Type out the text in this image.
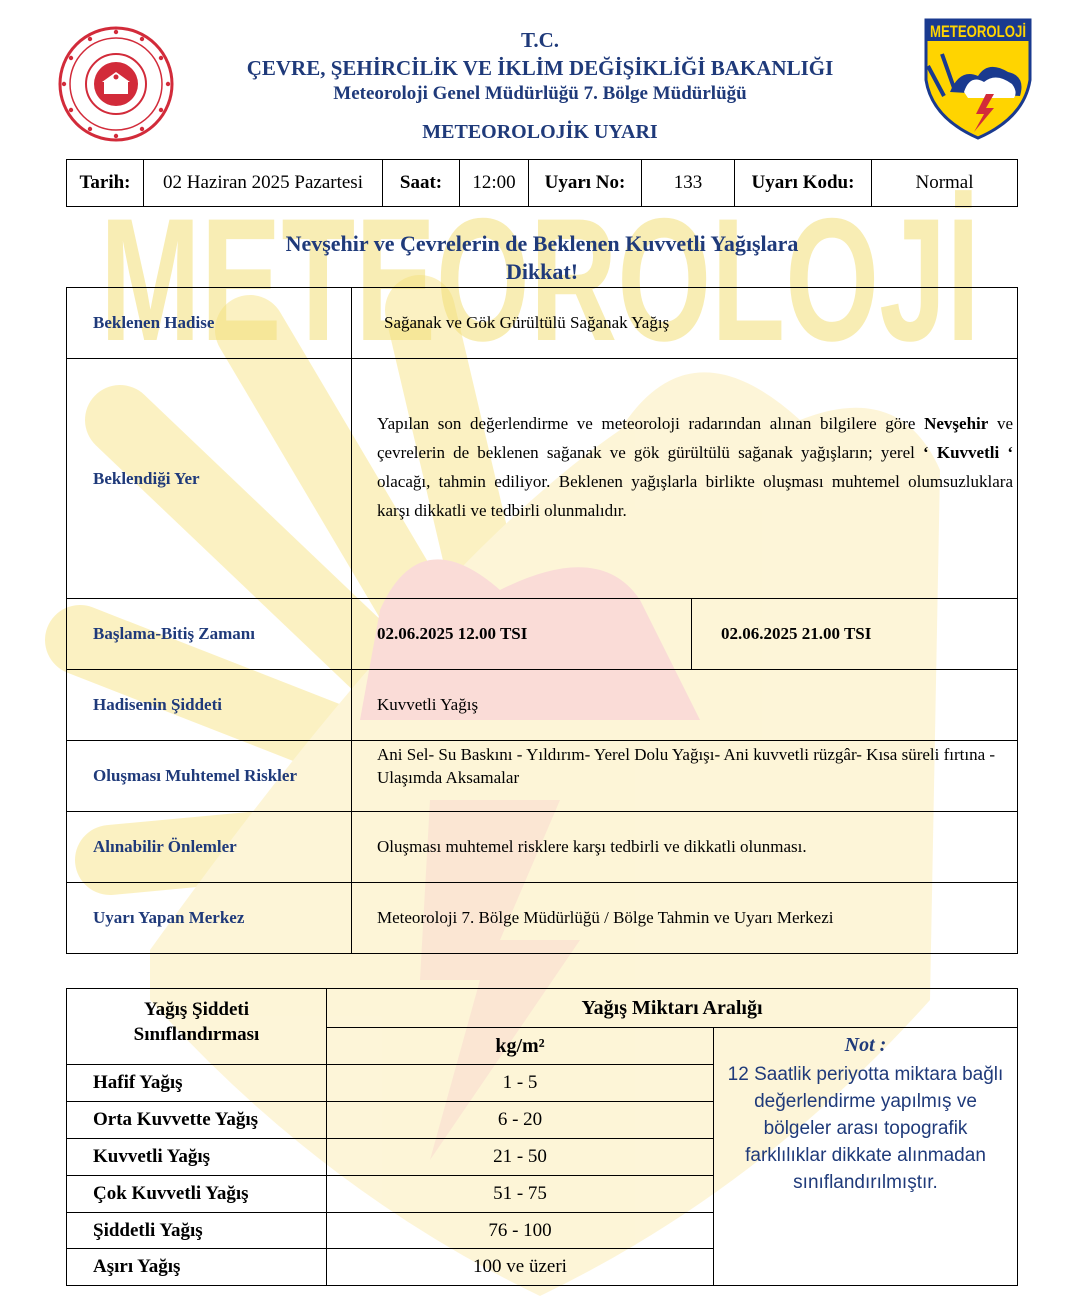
METEOROLOJİ
T.C.
ÇEVRE, ŞEHİRCİLİK VE İKLİM DEĞİŞİKLİĞİ BAKANLIĞI
Meteoroloji Genel Müdürlüğü 7. Bölge Müdürlüğü
METEOROLOJİK UYARI
METEOROLOJİ
Tarih:	02 Haziran 2025 Pazartesi	Saat:	12:00	Uyarı No:	133	Uyarı Kodu:	Normal
Nevşehir ve Çevrelerin de Beklenen Kuvvetli Yağışlara
Dikkat!
Beklenen Hadise	Sağanak ve Gök Gürültülü Sağanak Yağış	
Beklendiği Yer	Yapılan son değerlendirme ve meteoroloji radarından alınan bilgilere göre Nevşehir ve çevrelerin de beklenen sağanak ve gök gürültülü sağanak yağışların; yerel ‘ Kuvvetli ‘ olacağı, tahmin ediliyor. Beklenen yağışlarla birlikte oluşması muhtemel olumsuzluklara karşı dikkatli ve tedbirli olunmalıdır.	

Başlama-Bitiş Zamanı	02.06.2025 12.00 TSI	02.06.2025 21.00 TSI
Hadisenin Şiddeti	Kuvvetli Yağış	
Oluşması Muhtemel Riskler	Ani Sel- Su Baskını - Yıldırım- Yerel Dolu Yağışı- Ani kuvvetli rüzgâr- Kısa süreli fırtına - Ulaşımda Aksamalar	
Alınabilir Önlemler	Oluşması muhtemel risklere karşı tedbirli ve dikkatli olunması.	
Uyarı Yapan Merkez	Meteoroloji 7. Bölge Müdürlüğü / Bölge Tahmin ve Uyarı Merkezi	
Yağış Şiddeti
Sınıflandırması	Yağış Miktarı Aralığı	
	kg/m²	Not :
12 Saatlik periyotta miktara bağlı değerlendirme yapılmış ve bölgeler arası topografik farklılıklar dikkate alınmadan sınıflandırılmıştır.

Hafif Yağış	1 - 5	
Orta Kuvvette Yağış	6 - 20	
Kuvvetli Yağış	21 - 50	
Çok Kuvvetli Yağış	51 - 75	
Şiddetli Yağış	76 - 100	
Aşırı Yağış	100 ve üzeri	
